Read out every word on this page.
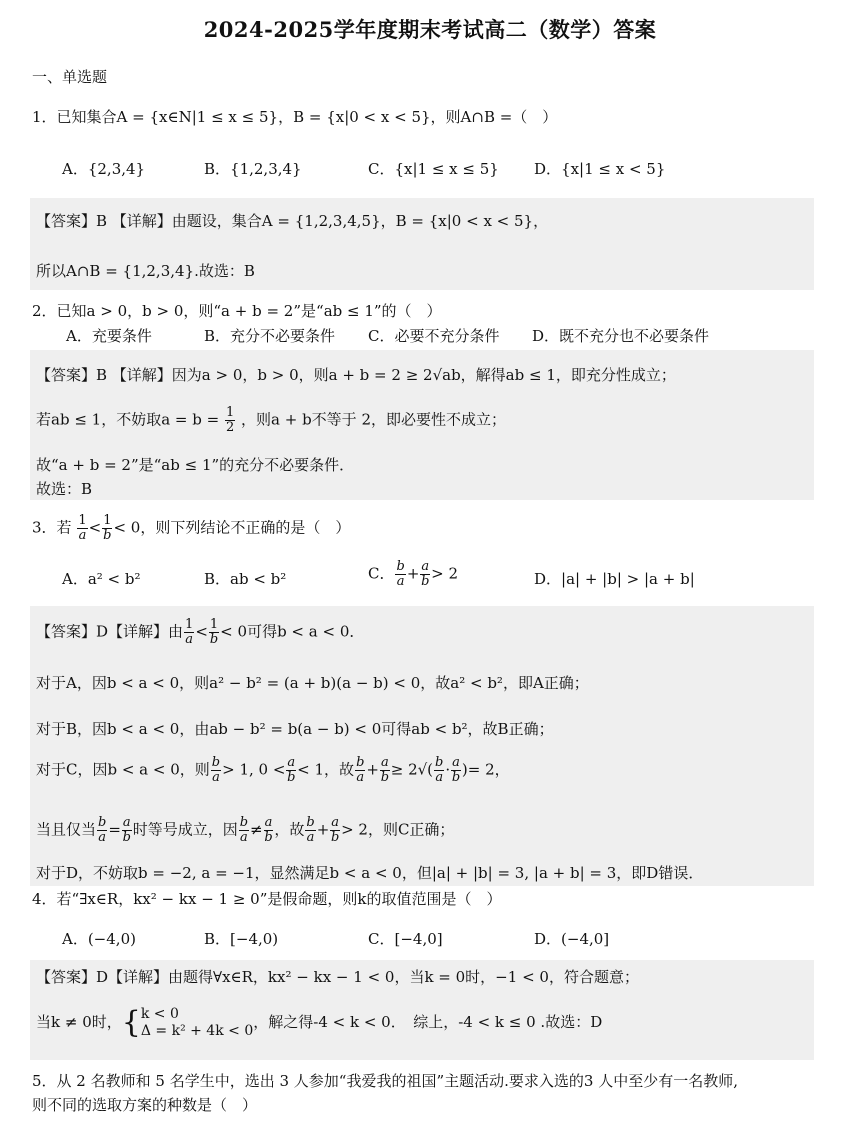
2024-2025学年度期末考试高二（数学）答案
一、单选题
1．已知集合A = {x∈N|1 ≤ x ≤ 5}，B = {x|0 < x < 5}，则A∩B =（　）
A．{2,3,4}	B．{1,2,3,4}	C．{x|1 ≤ x ≤ 5} D．{x|1 ≤ x < 5}
【答案】B 【详解】由题设，集合A = {1,2,3,4,5}，B = {x|0 < x < 5}，
所以A∩B = {1,2,3,4}.故选：B
2．已知a > 0，b > 0，则“a + b = 2”是“ab ≤ 1”的（　）
A．充要条件	B．充分不必要条件 C．必要不充分条件 D．既不充分也不必要条件
【答案】B 【详解】因为a > 0，b > 0，则a + b = 2 ≥ 2√ab，解得ab ≤ 1，即充分性成立；
若ab ≤ 1，不妨取$a = b = \frac{1}{2}$ ，则a + b不等于 2，即必要性不成立；
故“a + b = 2”是“ab ≤ 1”的充分不必要条件．
故选：B
3．若 $\frac{1}{a} < \frac{1}{b} < 0$，则下列结论不正确的是（　）
A．a² < b²	B．ab < b²	C． $\frac{b}{a} + \frac{a}{b} > 2$	D．|a| + |b| > |a + b|
【答案】D【详解】由 $\frac{1}{a} < \frac{1}{b} < 0$可得b < a < 0．
对于A，因b < a < 0，则a² − b² = (a + b)(a − b) < 0，故a² < b²，即A正确；
对于B，因b < a < 0，由ab − b² = b(a − b) < 0可得ab < b²，故B正确；
对于C，因b < a < 0，则 $\frac{b}{a} > 1$, $0 < \frac{a}{b} < 1$，故 $\frac{b}{a} + \frac{a}{b} \ge 2√( \frac{b}{a} \cdot \frac{a}{b}$ )= 2，
当且仅当 $\frac{b}{a} = \frac{a}{b}$ 时等号成立，因 $\frac{b}{a} \ne \frac{a}{b}$ ，故 $\frac{b}{a} + \frac{a}{b} > 2$，则C正确；
对于D，不妨取b = −2, a = −1，显然满足b < a < 0，但|a| + |b| = 3, |a + b| = 3，即D错误．
4．若“∃x∈R，kx² − kx − 1 ≥ 0”是假命题，则k的取值范围是（　）
A．(−4,0)	B．[−4,0)	C．[−4,0]	D．(−4,0]
【答案】D【详解】由题得∀x∈R，kx² − kx − 1 < 0，当k = 0时，−1 < 0，符合题意；
当k ≠ 0时，{ k < 0
Δ = k² + 4k < 0 ，解之得-4 < k < 0．　综上，-4 < k ≤ 0 .故选：D
5．从 2 名教师和 5 名学生中，选出 3 人参加“我爱我的祖国”主题活动.要求入选的3 人中至少有一名教师,
则不同的选取方案的种数是（　）
